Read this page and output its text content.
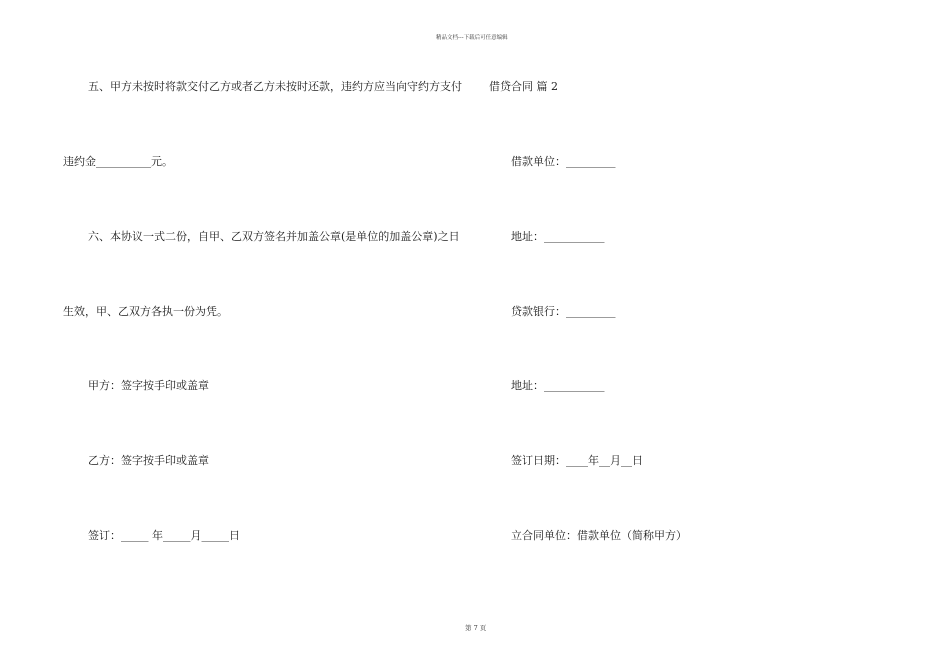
精品文档---下载后可任意编辑
五、甲方未按时将款交付乙方或者乙方未按时还款，违约方应当向守约方支付 借贷合同 篇 2
违约金__________元。	借款单位：_________
六、本协议一式二份，自甲、乙双方签名并加盖公章(是单位的加盖公章)之日	地址：___________
生效，甲、乙双方各执一份为凭。	贷款银行：_________
甲方：签字按手印或盖章	地址：___________
乙方：签字按手印或盖章	签订日期：____年__月__日
签订：_____ 年_____月_____日	立合同单位：借款单位（简称甲方）
第 7 页
